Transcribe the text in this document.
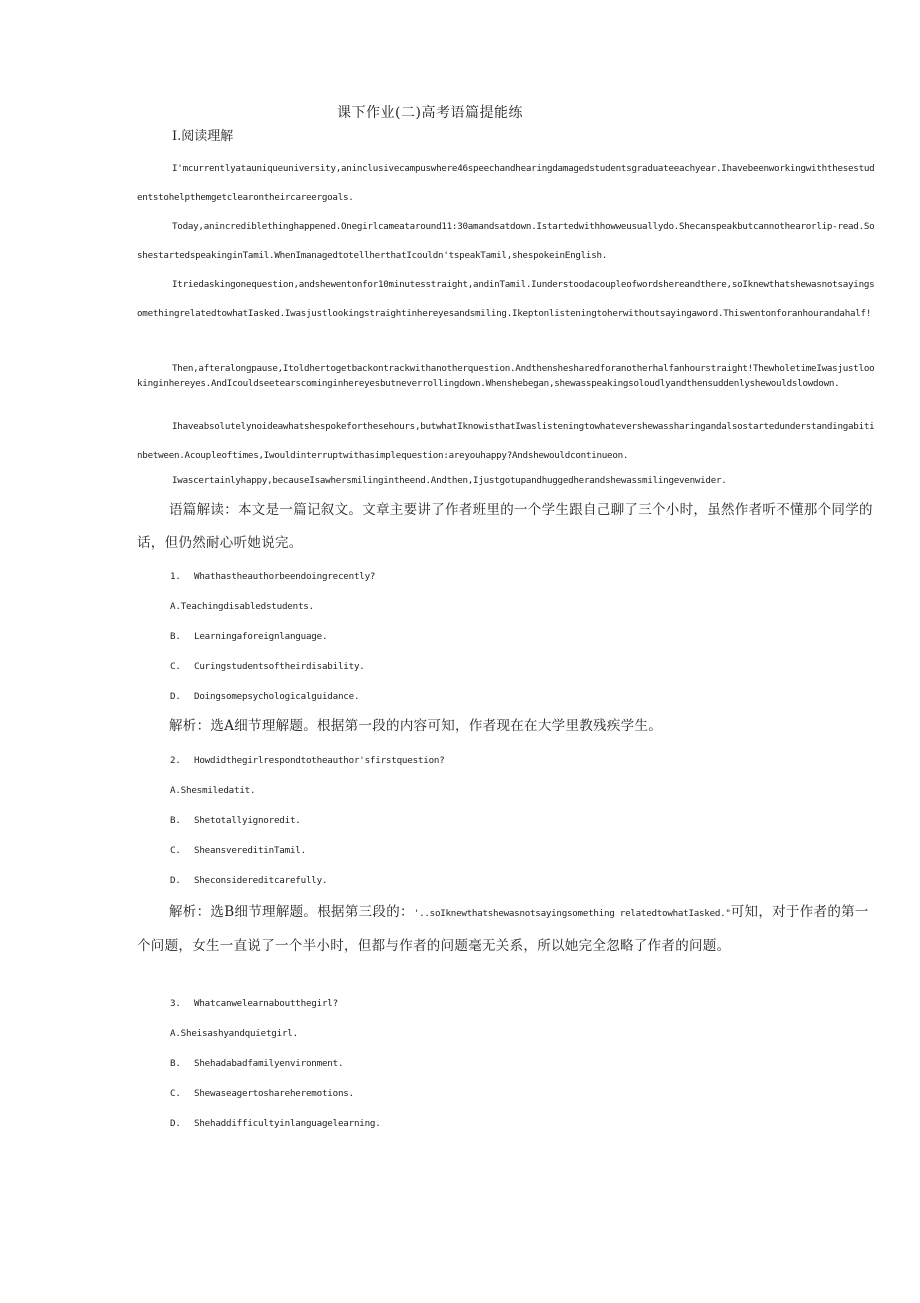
课下作业(二)高考语篇提能练
I.阅读理解

I'mcurrentlyatauniqueuniversity,aninclusivecampuswhere46speechandhearingdamagedstudentsgraduateeachyear.Ihavebeenworkingwiththesestudentstohelpthemgetclearontheircareergoals.

Today,anincrediblethinghappened.Onegirlcameataround11:30amandsatdown.Istartedwithhowweusuallydo.Shecanspeakbutcannothearorlip-read.SoshestartedspeakinginTamil.WhenImanagedtotellherthatIcouldn'tspeakTamil,shespokeinEnglish.

Itriedaskingonequestion,andshewentonfor10minutesstraight,andinTamil.Iunderstoodacoupleofwordshereandthere,soIknewthatshewasnotsayingsomethingrelatedtowhatIasked.Iwasjustlookingstraightinhereyesandsmiling.Ikeptonlisteningtoherwithoutsayingaword.Thiswentonforanhourandahalf!

Then,afteralongpause,Itoldhertogetbackontrackwithanotherquestion.Andthenshesharedforanotherhalfanhourstraight!ThewholetimeIwasjustlookinginhereyes.AndIcouldseetearscominginhereyesbutneverrollingdown.Whenshebegan,shewasspeakingsoloudlyandthensuddenlyshewouldslowdown.

Ihaveabsolutelynoideawhatshespokeforthesehours,butwhatIknowisthatIwaslisteningtowhatevershewassharingandalsostartedunderstandingabitinbetween.Acoupleoftimes,Iwouldinterruptwithasimplequestion:areyouhappy?Andshewouldcontinueon.

Iwascertainlyhappy,becauseIsawhersmilingintheend.Andthen,Ijustgotupandhuggedherandshewassmilingevenwider.

语篇解读：本文是一篇记叙文。文章主要讲了作者班里的一个学生跟自己聊了三个小时，虽然作者听不懂那个同学的话，但仍然耐心听她说完。

1. Whathastheauthorbeendoingrecently?
A.Teachingdisabledstudents.
B. Learningaforeignlanguage.
C. Curingstudentsoftheirdisability.
D. Doingsomepsychologicalguidance.

解析：选A细节理解题。根据第一段的内容可知，作者现在在大学里教残疾学生。

2. Howdidthegirlrespondtotheauthor'sfirstquestion?
A.Shesmiledatit.
B. Shetotallyignoredit.
C. SheansvereditinTamil.
D. Sheconsidereditcarefully.

解析：选B细节理解题。根据第三段的：'..soIknewthatshewasnotsayingsomething relatedtowhatIasked."可知，对于作者的第一个问题，女生一直说了一个半小时，但都与作者的问题毫无关系，所以她完全忽略了作者的问题。

3. Whatcanwelearnaboutthegirl?
A.Sheisashyandquietgirl.
B. Shehadabadfamilyenvironment.
C. Shewaseagertoshareheremotions.
D. Shehaddifficultyinlanguagelearning.
